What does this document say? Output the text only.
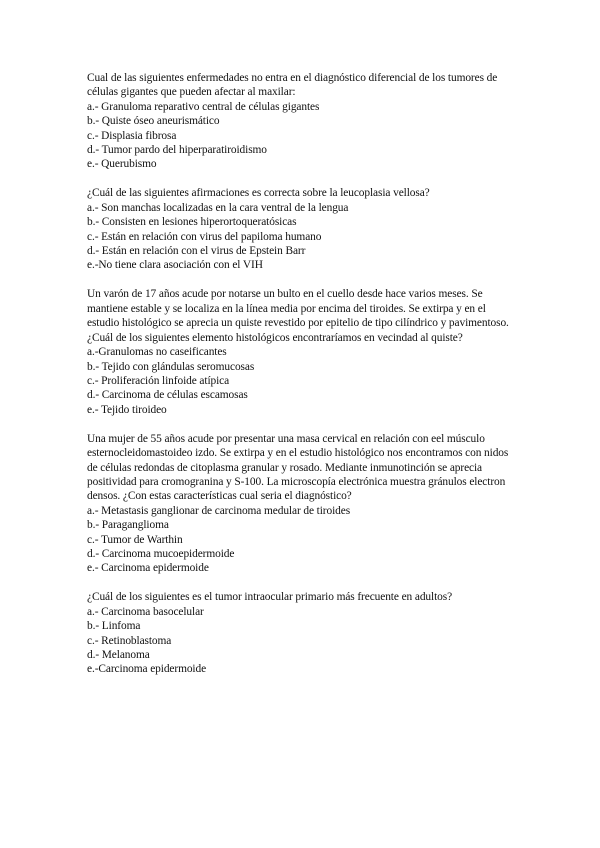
Cual de las siguientes enfermedades no entra en el diagnóstico diferencial de los tumores de células gigantes que pueden afectar al maxilar:

a.- Granuloma reparativo central de células gigantes
b.- Quiste óseo aneurismático
c.- Displasia fibrosa
d.- Tumor pardo del hiperparatiroidismo
e.- Querubismo

¿Cuál de las siguientes afirmaciones es correcta sobre la leucoplasia vellosa?

a.- Son manchas localizadas en la cara ventral de la lengua
b.- Consisten en lesiones hiperortoqueratósicas
c.- Están en relación con virus del papiloma humano
d.- Están en relación con el virus de Epstein Barr
e.-No tiene clara asociación con el VIH

Un varón de 17 años acude por notarse un bulto en el cuello desde hace varios meses. Se mantiene estable y se localiza en la línea media por encima del tiroides. Se extirpa y en el estudio histológico se aprecia un quiste revestido por epitelio de tipo cilíndrico y pavimentoso. ¿Cuál de los siguientes elemento histológicos encontraríamos en vecindad al quiste?

a.-Granulomas no caseificantes
b.- Tejido con glándulas seromucosas
c.- Proliferación linfoide atípica
d.- Carcinoma de células escamosas
e.- Tejido tiroideo

Una mujer de 55 años acude por presentar una masa cervical en relación con eel músculo esternocleidomastoideo izdo. Se extirpa y en el estudio histológico nos encontramos con nidos de células redondas de citoplasma granular y rosado. Mediante inmunotinción se aprecia positividad para cromogranina y S-100. La microscopía electrónica muestra gránulos electron densos. ¿Con estas características cual seria el diagnóstico?

a.- Metastasis ganglionar de carcinoma medular de tiroides
b.- Paraganglioma
c.- Tumor de Warthin
d.- Carcinoma mucoepidermoide
e.- Carcinoma epidermoide

¿Cuál de los siguientes es el tumor intraocular primario más frecuente en adultos?

a.- Carcinoma basocelular
b.- Linfoma
c.- Retinoblastoma
d.- Melanoma
e.-Carcinoma epidermoide
